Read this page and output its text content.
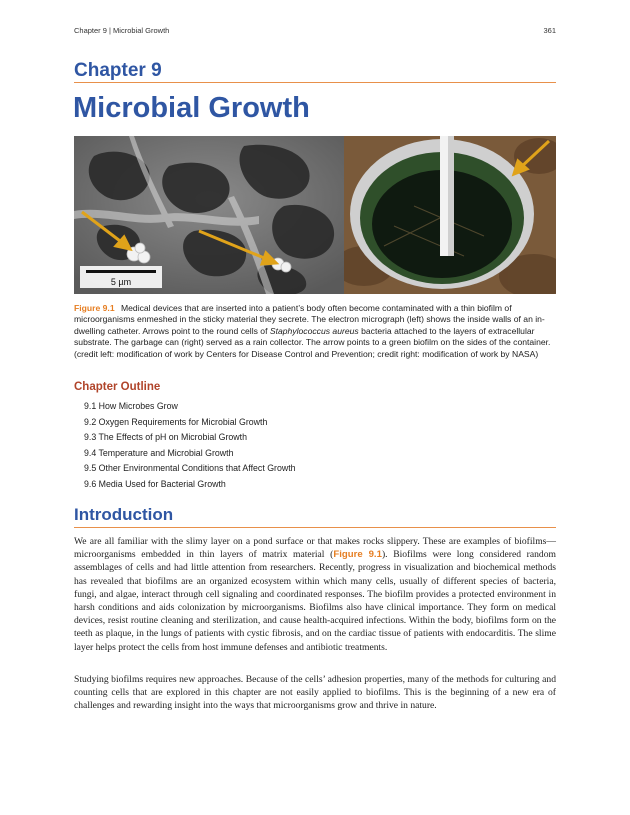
Chapter 9 | Microbial Growth	361
Chapter 9
Microbial Growth
5 µm
Figure 9.1 Medical devices that are inserted into a patient’s body often become contaminated with a thin biofilm of microorganisms enmeshed in the sticky material they secrete. The electron micrograph (left) shows the inside walls of an in-dwelling catheter. Arrows point to the round cells of Staphylococcus aureus bacteria attached to the layers of extracellular substrate. The garbage can (right) served as a rain collector. The arrow points to a green biofilm on the sides of the container. (credit left: modification of work by Centers for Disease Control and Prevention; credit right: modification of work by NASA)
Chapter Outline
9.1 How Microbes Grow
9.2 Oxygen Requirements for Microbial Growth
9.3 The Effects of pH on Microbial Growth
9.4 Temperature and Microbial Growth
9.5 Other Environmental Conditions that Affect Growth
9.6 Media Used for Bacterial Growth
Introduction

We are all familiar with the slimy layer on a pond surface or that makes rocks slippery. These are examples of biofilms—microorganisms embedded in thin layers of matrix material (Figure 9.1). Biofilms were long considered random assemblages of cells and had little attention from researchers. Recently, progress in visualization and biochemical methods has revealed that biofilms are an organized ecosystem within which many cells, usually of different species of bacteria, fungi, and algae, interact through cell signaling and coordinated responses. The biofilm provides a protected environment in harsh conditions and aids colonization by microorganisms. Biofilms also have clinical importance. They form on medical devices, resist routine cleaning and sterilization, and cause health-acquired infections. Within the body, biofilms form on the teeth as plaque, in the lungs of patients with cystic fibrosis, and on the cardiac tissue of patients with endocarditis. The slime layer helps protect the cells from host immune defenses and antibiotic treatments.

Studying biofilms requires new approaches. Because of the cells’ adhesion properties, many of the methods for culturing and counting cells that are explored in this chapter are not easily applied to biofilms. This is the beginning of a new era of challenges and rewarding insight into the ways that microorganisms grow and thrive in nature.
